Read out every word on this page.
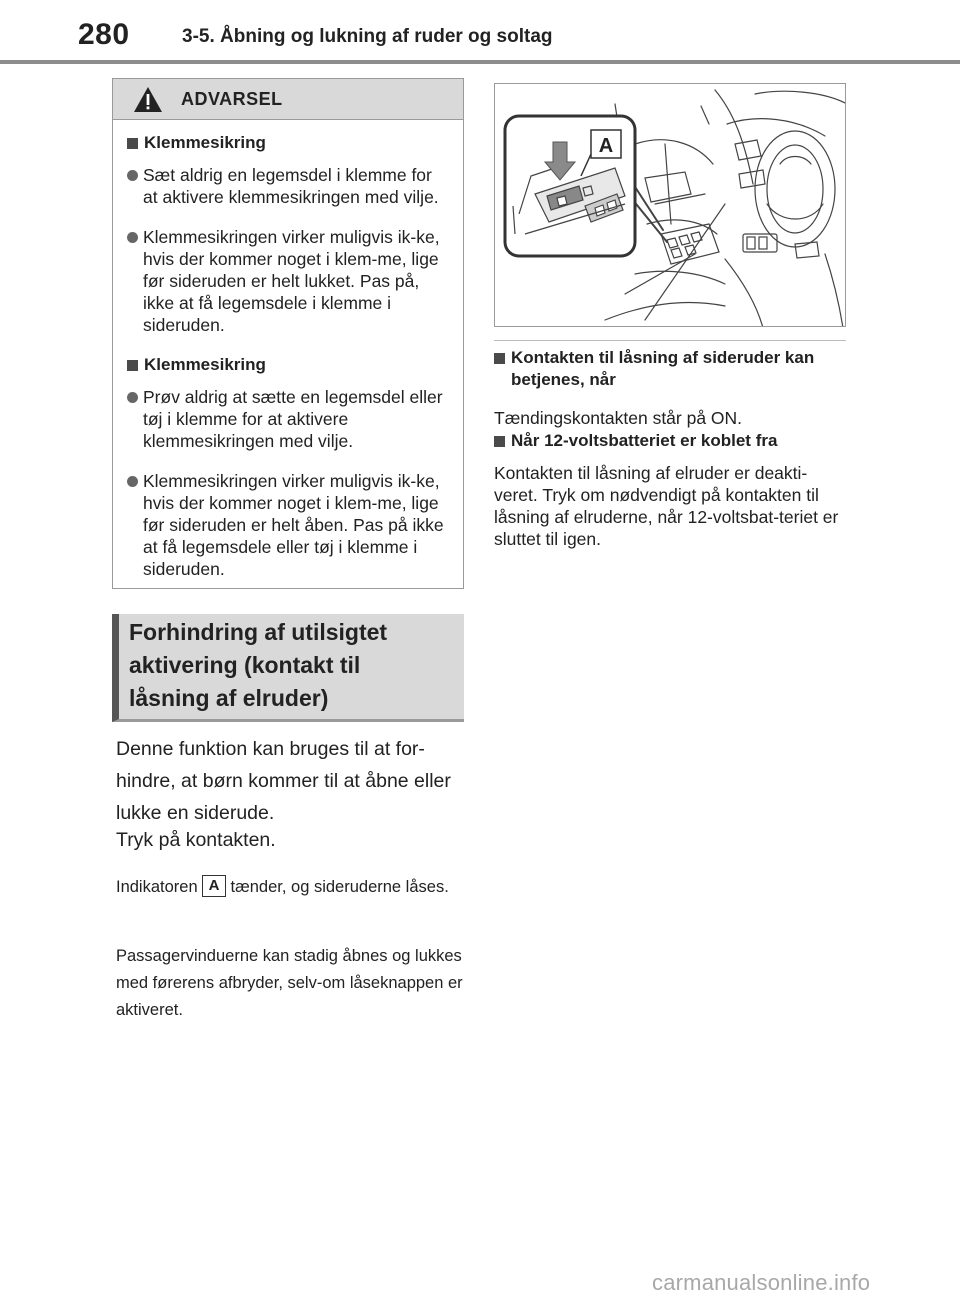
280	3-5. Åbning og lukning af ruder og soltag
ADVARSEL
Klemmesikring
Sæt aldrig en legemsdel i klemme for at aktivere klemmesikringen med vilje.
Klemmesikringen virker muligvis ik-ke, hvis der kommer noget i klem-me, lige før sideruden er helt lukket. Pas på, ikke at få legemsdele i klemme i sideruden.
Klemmesikring
Prøv aldrig at sætte en legemsdel eller tøj i klemme for at aktivere klemmesikringen med vilje.
Klemmesikringen virker muligvis ik-ke, hvis der kommer noget i klem-me, lige før sideruden er helt åben. Pas på ikke at få legemsdele eller tøj i klemme i sideruden.
Forhindring af utilsigtet
aktivering (kontakt til
låsning af elruder)
Denne funktion kan bruges til at for-hindre, at børn kommer til at åbne eller lukke en siderude.
Tryk på kontakten.
Indikatoren A tænder, og sideruderne låses.
Passagervinduerne kan stadig åbnes og lukkes med førerens afbryder, selv-om låseknappen er aktiveret.
A
Kontakten til låsning af sideruder kan betjenes, når
Tændingskontakten står på ON.
Når 12-voltsbatteriet er koblet fra
Kontakten til låsning af elruder er deakti-veret. Tryk om nødvendigt på kontakten til låsning af elruderne, når 12-voltsbat-teriet er sluttet til igen.
carmanualsonline.info
